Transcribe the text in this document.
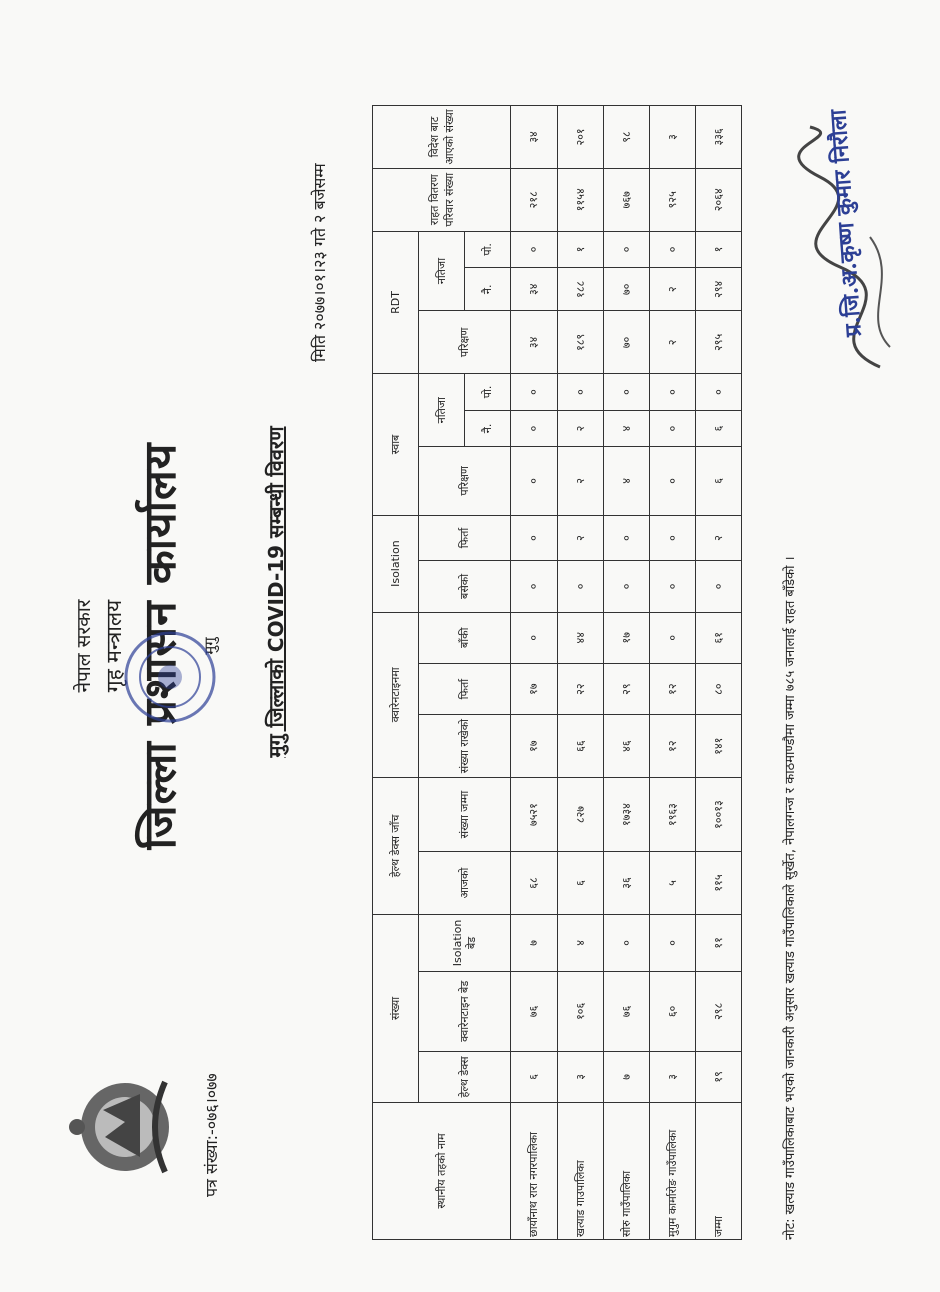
नेपाल सरकार गृह मन्त्रालय जिल्ला प्रशासन कार्यालय मुगु
पत्र संख्या:-०७६।०७७
मुगु जिल्लाको COVID-19 सम्बन्धी विवरण
मिति २०७७।०१।२३ गते २ बजेसम्म
स्थानीय तहको नाम	संख्या			हेल्थ डेक्स जाँच		क्वारेनटाइनमा			Isolation		स्वाब			RDT			राहत वितरण परिवार संख्या	विदेश बाट आएको संख्या
	हेल्थ डेक्स	क्वारेनटाइन बेड	Isolation बेड	आजको	संख्या जम्मा	संख्या राखेको	फिर्ता	बाँकी	बसेको	फिर्ता	परिक्षण	नतिजा		परिक्षण	नतिजा			
												नै.	पो.		नै.	पो.		
छायाँनाथ रारा नगरपालिका	६	७६	७	६८	७५२१	१७	१७	०	०	०	०	०	०	३४	३४	०	२१८	३४
खत्याड गाउपालिका	३	१०६	४	६	८२७	६६	२२	४४	०	२	२	२	०	१८९	१८८	१	११५४	२०१
सोरु गाउँपालिका	७	७६	०	३६	१७३४	४६	२९	१७	०	०	४	४	०	७०	७०	०	७६७	९८
मुगुम कार्मारोङ गाउँपालिका	३	६०	०	५	१९६३	१२	१२	०	०	०	०	०	०	२	२	०	९२५	३
जम्मा	१९	२९८	११	११५	१००१३	१४१	८०	६१	०	२	६	६	०	२९५	२९४	१	२०६४	३३६
नोट: खत्याड गाउँपालिकाबाट भएको जानकारी अनुसार खत्याड गाउँपालिकाले सुर्खेत, नेपालगन्ज र काठमाण्डौमा जम्मा ७८५ जनालाई राहत बाँडेको ।
प्र.जि.अ.कृष्ण कुमार निरौला
